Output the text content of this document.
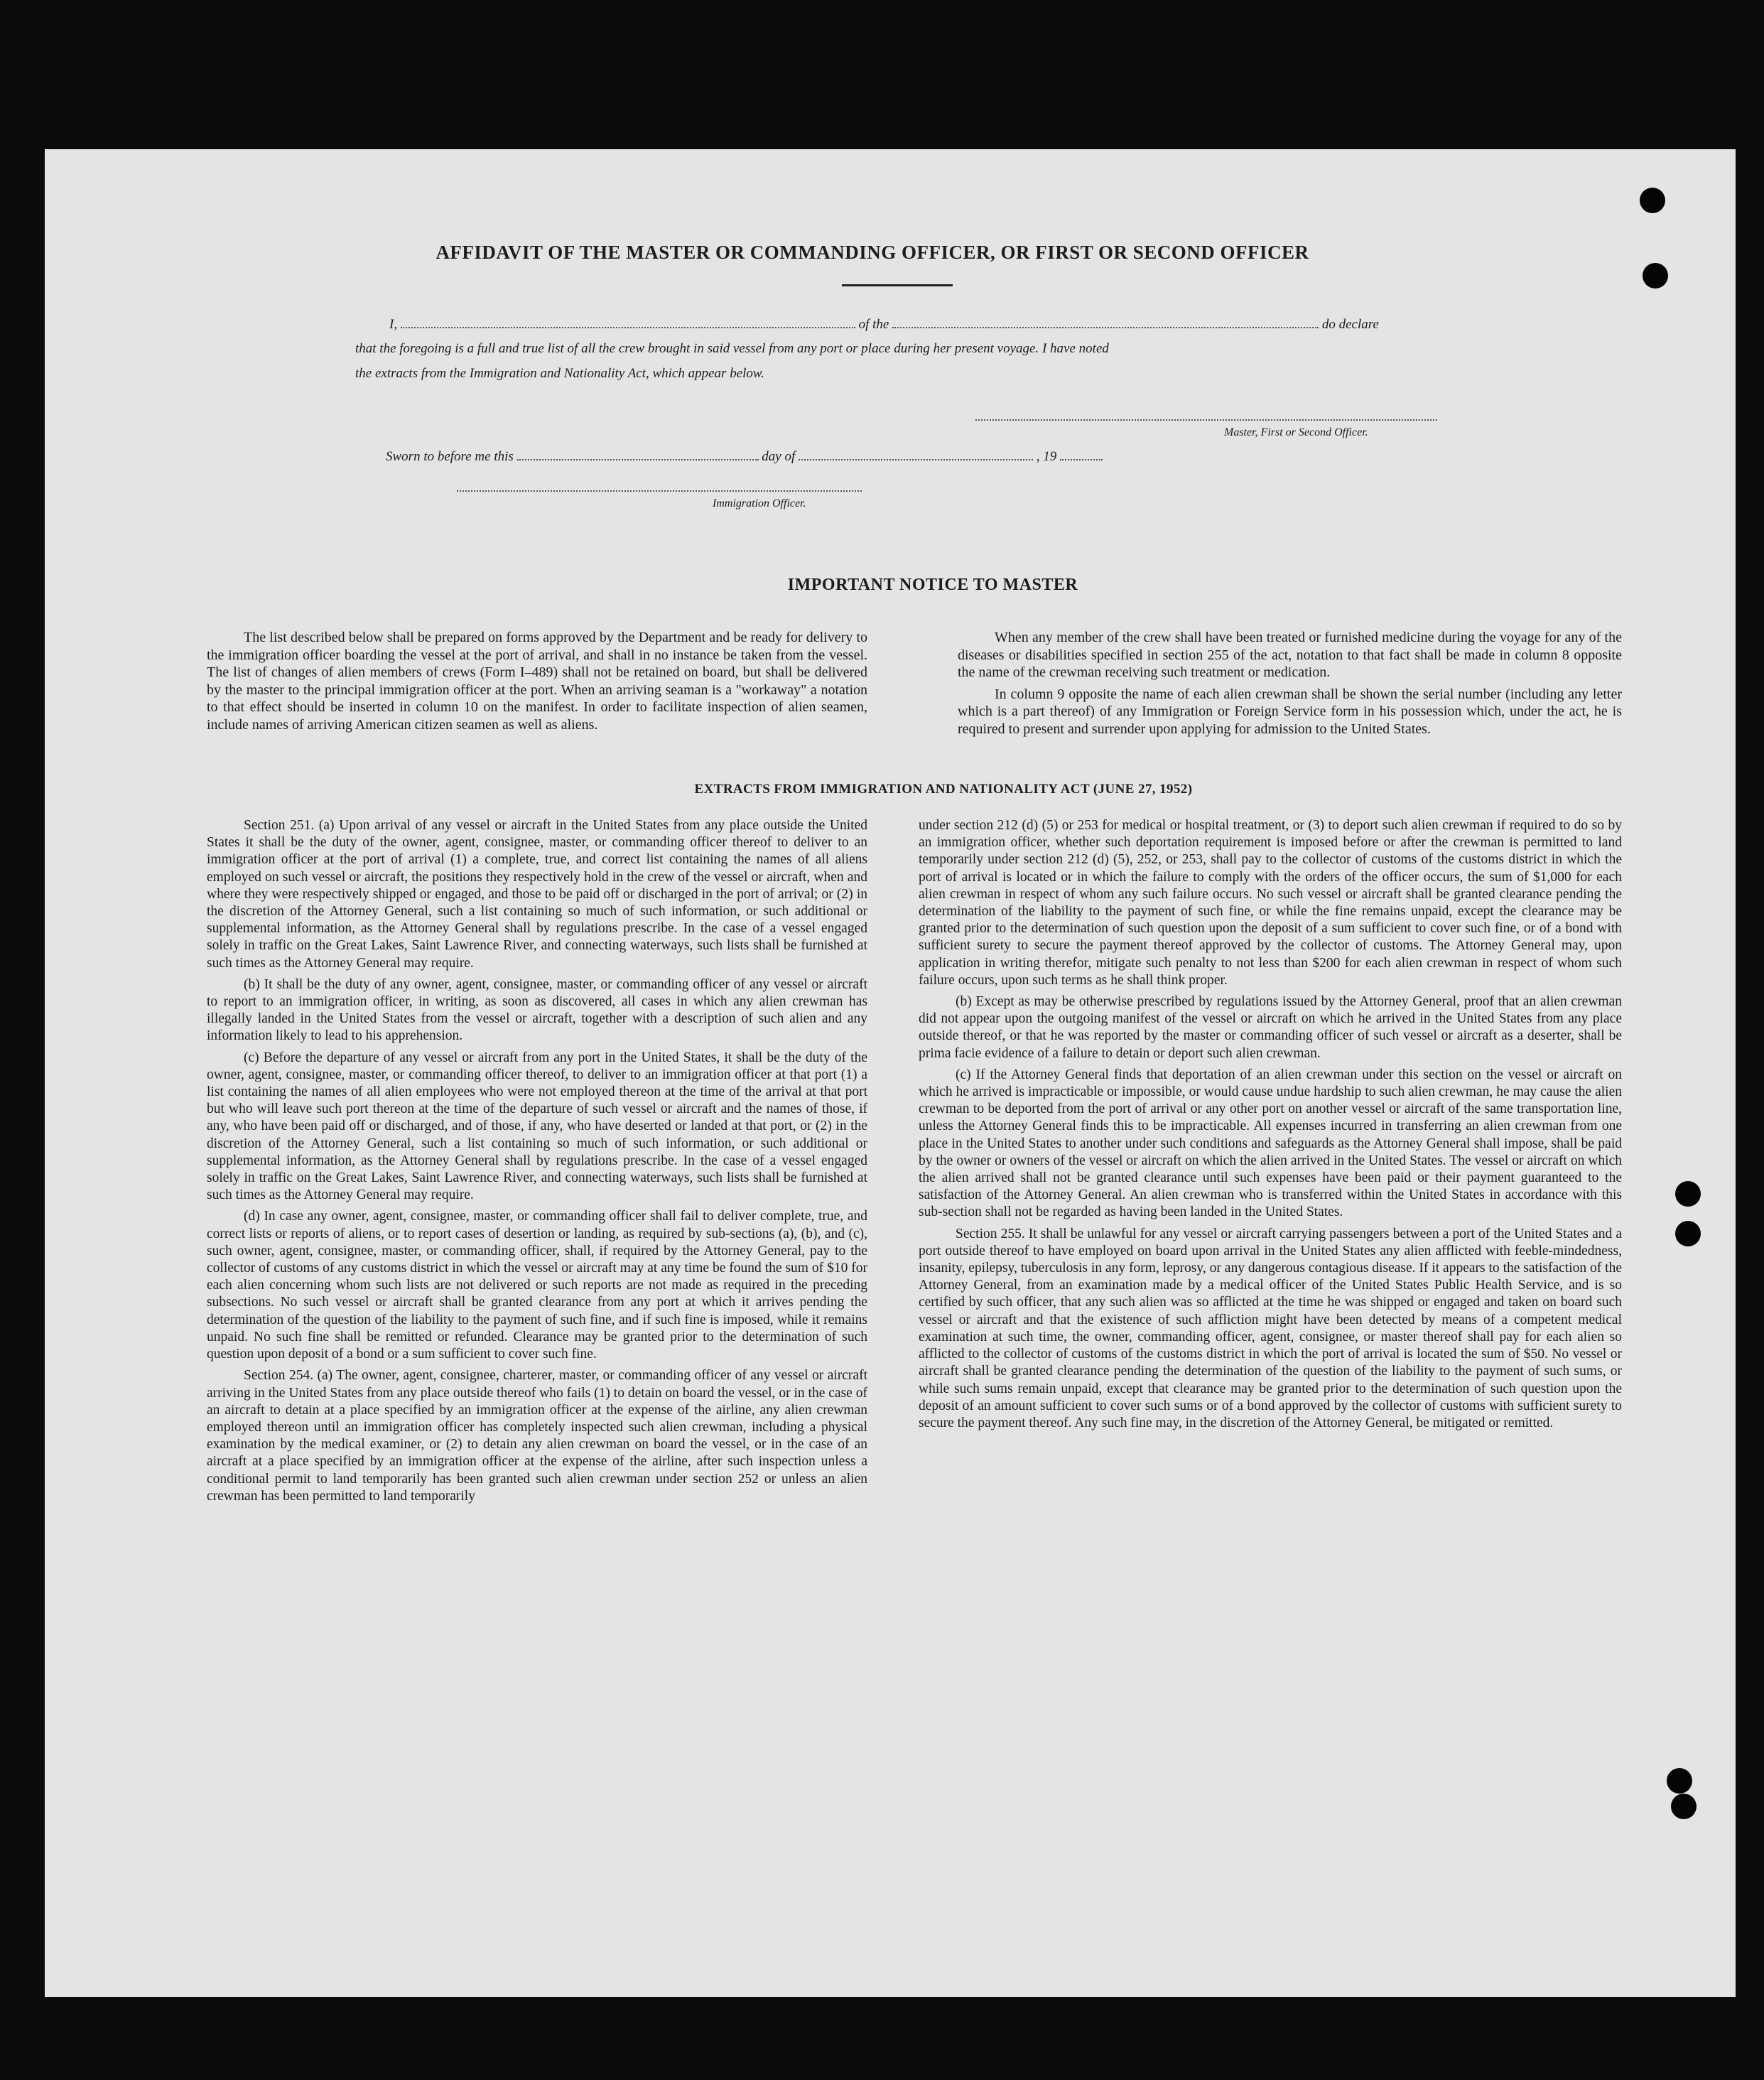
AFFIDAVIT OF THE MASTER OR COMMANDING OFFICER, OR FIRST OR SECOND OFFICER
I,	of the	do declare
that the foregoing is a full and true list of all the crew brought in said vessel from any port or place during her present voyage. I have noted
the extracts from the Immigration and Nationality Act, which appear below.
Master, First or Second Officer.
Sworn to before me this	day of	, 19
Immigration Officer.
IMPORTANT NOTICE TO MASTER

The list described below shall be prepared on forms approved by the Department and be ready for delivery to the immigration officer boarding the vessel at the port of arrival, and shall in no instance be taken from the vessel. The list of changes of alien members of crews (Form I–489) shall not be retained on board, but shall be delivered by the master to the principal immigration officer at the port. When an arriving seaman is a "workaway" a notation to that effect should be inserted in column 10 on the manifest. In order to facilitate inspection of alien seamen, include names of arriving American citizen seamen as well as aliens.

When any member of the crew shall have been treated or furnished medicine during the voyage for any of the diseases or disabilities specified in section 255 of the act, notation to that fact shall be made in column 8 opposite the name of the crewman receiving such treatment or medication.

In column 9 opposite the name of each alien crewman shall be shown the serial number (including any letter which is a part thereof) of any Immigration or Foreign Service form in his possession which, under the act, he is required to present and surrender upon applying for admission to the United States.

EXTRACTS FROM IMMIGRATION AND NATIONALITY ACT (JUNE 27, 1952)

Section 251. (a) Upon arrival of any vessel or aircraft in the United States from any place outside the United States it shall be the duty of the owner, agent, consignee, master, or commanding officer thereof to deliver to an immigration officer at the port of arrival (1) a complete, true, and correct list containing the names of all aliens employed on such vessel or aircraft, the positions they respectively hold in the crew of the vessel or aircraft, when and where they were respectively shipped or engaged, and those to be paid off or discharged in the port of arrival; or (2) in the discretion of the Attorney General, such a list containing so much of such information, or such additional or supplemental information, as the Attorney General shall by regulations prescribe. In the case of a vessel engaged solely in traffic on the Great Lakes, Saint Lawrence River, and connecting waterways, such lists shall be furnished at such times as the Attorney General may require.

(b) It shall be the duty of any owner, agent, consignee, master, or commanding officer of any vessel or aircraft to report to an immigration officer, in writing, as soon as discovered, all cases in which any alien crewman has illegally landed in the United States from the vessel or aircraft, together with a description of such alien and any information likely to lead to his apprehension.

(c) Before the departure of any vessel or aircraft from any port in the United States, it shall be the duty of the owner, agent, consignee, master, or commanding officer thereof, to deliver to an immigration officer at that port (1) a list containing the names of all alien employees who were not employed thereon at the time of the arrival at that port but who will leave such port thereon at the time of the departure of such vessel or aircraft and the names of those, if any, who have been paid off or discharged, and of those, if any, who have deserted or landed at that port, or (2) in the discretion of the Attorney General, such a list containing so much of such information, or such additional or supplemental information, as the Attorney General shall by regulations prescribe. In the case of a vessel engaged solely in traffic on the Great Lakes, Saint Lawrence River, and connecting waterways, such lists shall be furnished at such times as the Attorney General may require.

(d) In case any owner, agent, consignee, master, or commanding officer shall fail to deliver complete, true, and correct lists or reports of aliens, or to report cases of desertion or landing, as required by sub-sections (a), (b), and (c), such owner, agent, consignee, master, or commanding officer, shall, if required by the Attorney General, pay to the collector of customs of any customs district in which the vessel or aircraft may at any time be found the sum of $10 for each alien concerning whom such lists are not delivered or such reports are not made as required in the preceding subsections. No such vessel or aircraft shall be granted clearance from any port at which it arrives pending the determination of the question of the liability to the payment of such fine, and if such fine is imposed, while it remains unpaid. No such fine shall be remitted or refunded. Clearance may be granted prior to the determination of such question upon deposit of a bond or a sum sufficient to cover such fine.

Section 254. (a) The owner, agent, consignee, charterer, master, or commanding officer of any vessel or aircraft arriving in the United States from any place outside thereof who fails (1) to detain on board the vessel, or in the case of an aircraft to detain at a place specified by an immigration officer at the expense of the airline, any alien crewman employed thereon until an immigration officer has completely inspected such alien crewman, including a physical examination by the medical examiner, or (2) to detain any alien crewman on board the vessel, or in the case of an aircraft at a place specified by an immigration officer at the expense of the airline, after such inspection unless a conditional permit to land temporarily has been granted such alien crewman under section 252 or unless an alien crewman has been permitted to land temporarily

under section 212 (d) (5) or 253 for medical or hospital treatment, or (3) to deport such alien crewman if required to do so by an immigration officer, whether such deportation requirement is imposed before or after the crewman is permitted to land temporarily under section 212 (d) (5), 252, or 253, shall pay to the collector of customs of the customs district in which the port of arrival is located or in which the failure to comply with the orders of the officer occurs, the sum of $1,000 for each alien crewman in respect of whom any such failure occurs. No such vessel or aircraft shall be granted clearance pending the determination of the liability to the payment of such fine, or while the fine remains unpaid, except the clearance may be granted prior to the determination of such question upon the deposit of a sum sufficient to cover such fine, or of a bond with sufficient surety to secure the payment thereof approved by the collector of customs. The Attorney General may, upon application in writing therefor, mitigate such penalty to not less than $200 for each alien crewman in respect of whom such failure occurs, upon such terms as he shall think proper.

(b) Except as may be otherwise prescribed by regulations issued by the Attorney General, proof that an alien crewman did not appear upon the outgoing manifest of the vessel or aircraft on which he arrived in the United States from any place outside thereof, or that he was reported by the master or commanding officer of such vessel or aircraft as a deserter, shall be prima facie evidence of a failure to detain or deport such alien crewman.

(c) If the Attorney General finds that deportation of an alien crewman under this section on the vessel or aircraft on which he arrived is impracticable or impossible, or would cause undue hardship to such alien crewman, he may cause the alien crewman to be deported from the port of arrival or any other port on another vessel or aircraft of the same transportation line, unless the Attorney General finds this to be impracticable. All expenses incurred in transferring an alien crewman from one place in the United States to another under such conditions and safeguards as the Attorney General shall impose, shall be paid by the owner or owners of the vessel or aircraft on which the alien arrived in the United States. The vessel or aircraft on which the alien arrived shall not be granted clearance until such expenses have been paid or their payment guaranteed to the satisfaction of the Attorney General. An alien crewman who is transferred within the United States in accordance with this sub-section shall not be regarded as having been landed in the United States.

Section 255. It shall be unlawful for any vessel or aircraft carrying passengers between a port of the United States and a port outside thereof to have employed on board upon arrival in the United States any alien afflicted with feeble-mindedness, insanity, epilepsy, tuberculosis in any form, leprosy, or any dangerous contagious disease. If it appears to the satisfaction of the Attorney General, from an examination made by a medical officer of the United States Public Health Service, and is so certified by such officer, that any such alien was so afflicted at the time he was shipped or engaged and taken on board such vessel or aircraft and that the existence of such affliction might have been detected by means of a competent medical examination at such time, the owner, commanding officer, agent, consignee, or master thereof shall pay for each alien so afflicted to the collector of customs of the customs district in which the port of arrival is located the sum of $50. No vessel or aircraft shall be granted clearance pending the determination of the question of the liability to the payment of such sums, or while such sums remain unpaid, except that clearance may be granted prior to the determination of such question upon the deposit of an amount sufficient to cover such sums or of a bond approved by the collector of customs with sufficient surety to secure the payment thereof. Any such fine may, in the discretion of the Attorney General, be mitigated or remitted.
